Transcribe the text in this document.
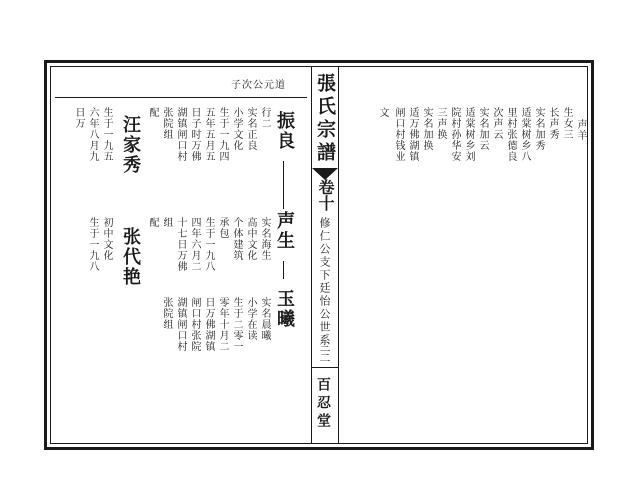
子次公元道
振良
声生
玉曦
行二
实名海生
实名晨曦
实名正良
高中文化
小学在读
小学文化
个体建筑
生于二零一
生于一九四
承包
零年十月二
五年五月五
生于一九八
日万佛湖镇
日子时万佛
四年六月二
闸口村张院
湖镇闸口村
十七日万佛
湖镇闸口村
张院组
组
张院组
配
配
汪家秀
张代艳
生于一九五
初中文化
六年八月九
生于一九八
日万	張氏宗譜
卷十
修仁公支下廷怡公世系
三二
百忍堂
生女三 声羊
长声秀
实名加秀
适棠树乡八
里村张德良
次声云
实名加云
适棠树乡刘
院村孙华安
三声换
实名加换
适万佛湖镇
闸口村钱业
文
